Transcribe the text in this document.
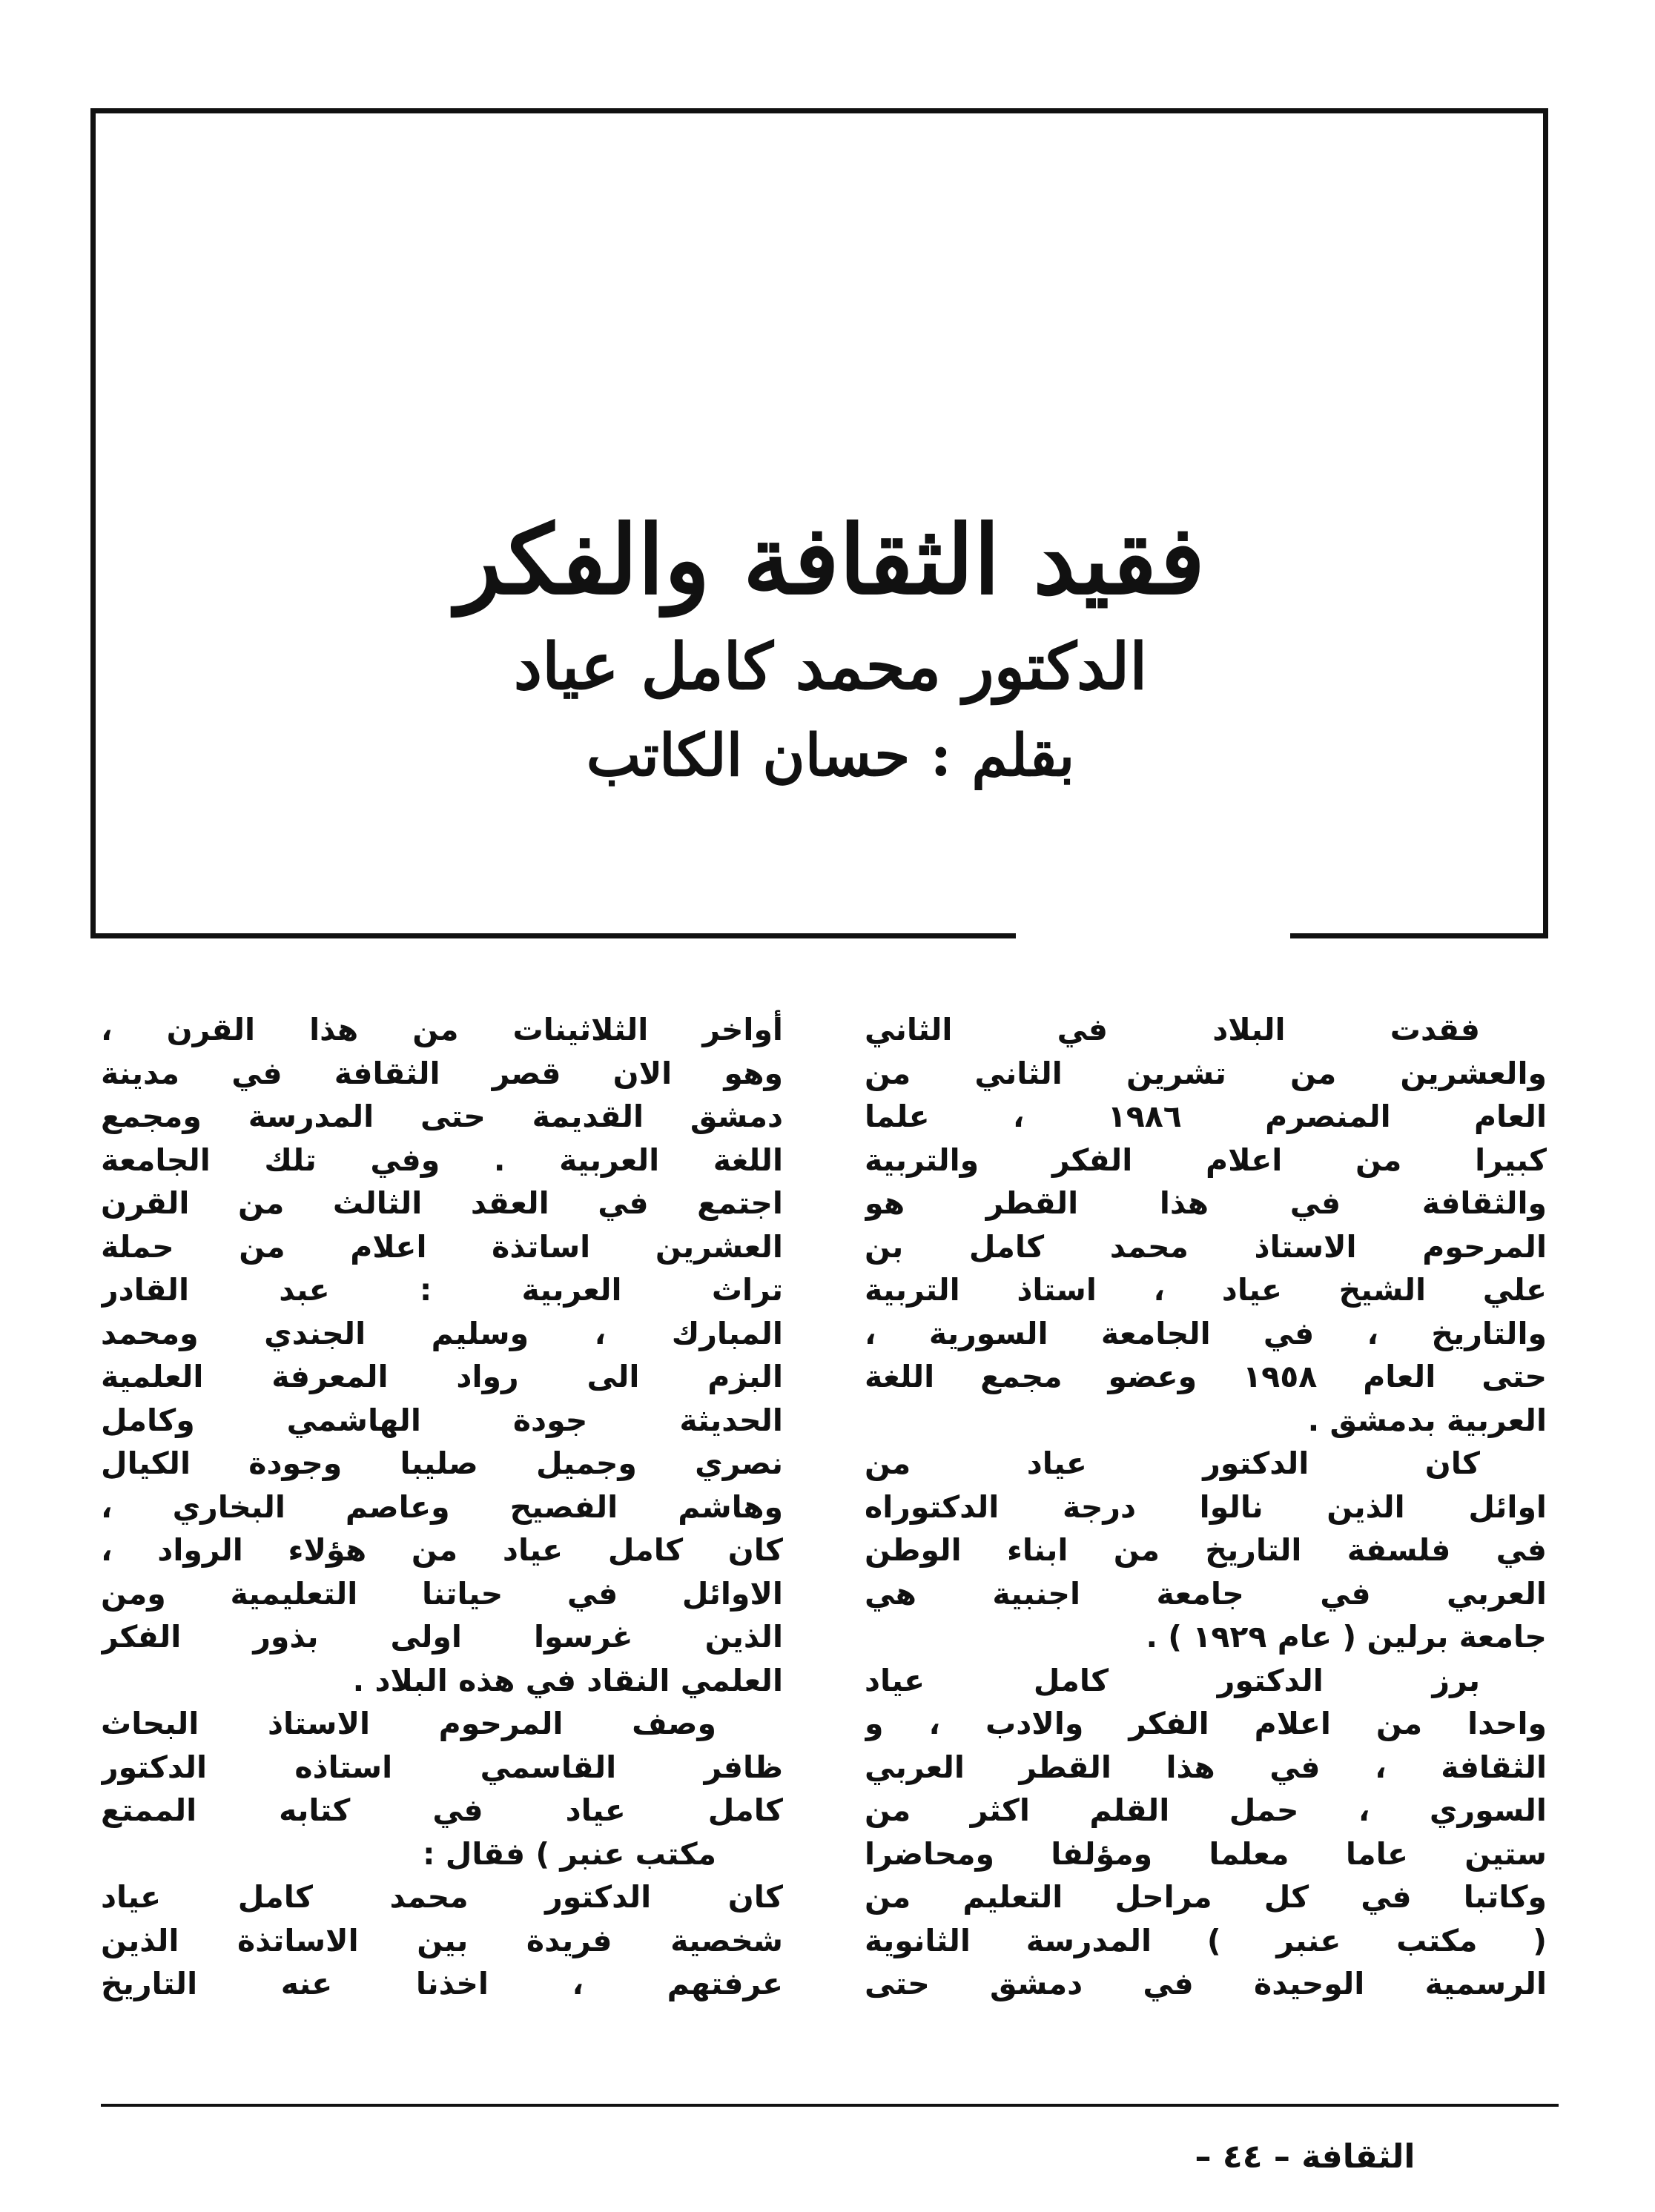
فقيد الثقافة والفكر
الدكتور محمد كامل عياد
بقلم : حسان الكاتب
فقدت البلاد في الثاني
والعشرين من تشرين الثاني من
العام المنصرم ١٩٨٦ ، علما
كبيرا من اعلام الفكر والتربية
والثقافة في هذا القطر هو
المرحوم الاستاذ محمد كامل بن
علي الشيخ عياد ، استاذ التربية
والتاريخ ، في الجامعة السورية ،
حتى العام ١٩٥٨ وعضو مجمع اللغة
العربية بدمشق .
كان الدكتور عياد من
اوائل الذين نالوا درجة الدكتوراه
في فلسفة التاريخ من ابناء الوطن
العربي في جامعة اجنبية هي
جامعة برلين ( عام ١٩٢٩ ) .
برز الدكتور كامل عياد
واحدا من اعلام الفكر والادب ، و
الثقافة ، في هذا القطر العربي
السوري ، حمل القلم اكثر من
ستين عاما معلما ومؤلفا ومحاضرا
وكاتبا في كل مراحل التعليم من
( مكتب عنبر ) المدرسة الثانوية
الرسمية الوحيدة في دمشق حتى
أواخر الثلاثينات من هذا القرن ،
وهو الان قصر الثقافة في مدينة
دمشق القديمة حتى المدرسة ومجمع
اللغة العربية . وفي تلك الجامعة
اجتمع في العقد الثالث من القرن
العشرين اساتذة اعلام من حملة
تراث العربية : عبد القادر
المبارك ، وسليم الجندي ومحمد
البزم الى رواد المعرفة العلمية
الحديثة جودة الهاشمي وكامل
نصري وجميل صليبا وجودة الكيال
وهاشم الفصيح وعاصم البخاري ،
كان كامل عياد من هؤلاء الرواد ،
الاوائل في حياتنا التعليمية ومن
الذين غرسوا اولى بذور الفكر
العلمي النقاد في هذه البلاد .
وصف المرحوم الاستاذ البحاث
ظافر القاسمي استاذه الدكتور
كامل عياد في كتابه الممتع
مكتب عنبر ) فقال :
كان الدكتور محمد كامل عياد
شخصية فريدة بين الاساتذة الذين
عرفتهم ، اخذنا عنه التاريخ
الثقافة – ٤٤ –
